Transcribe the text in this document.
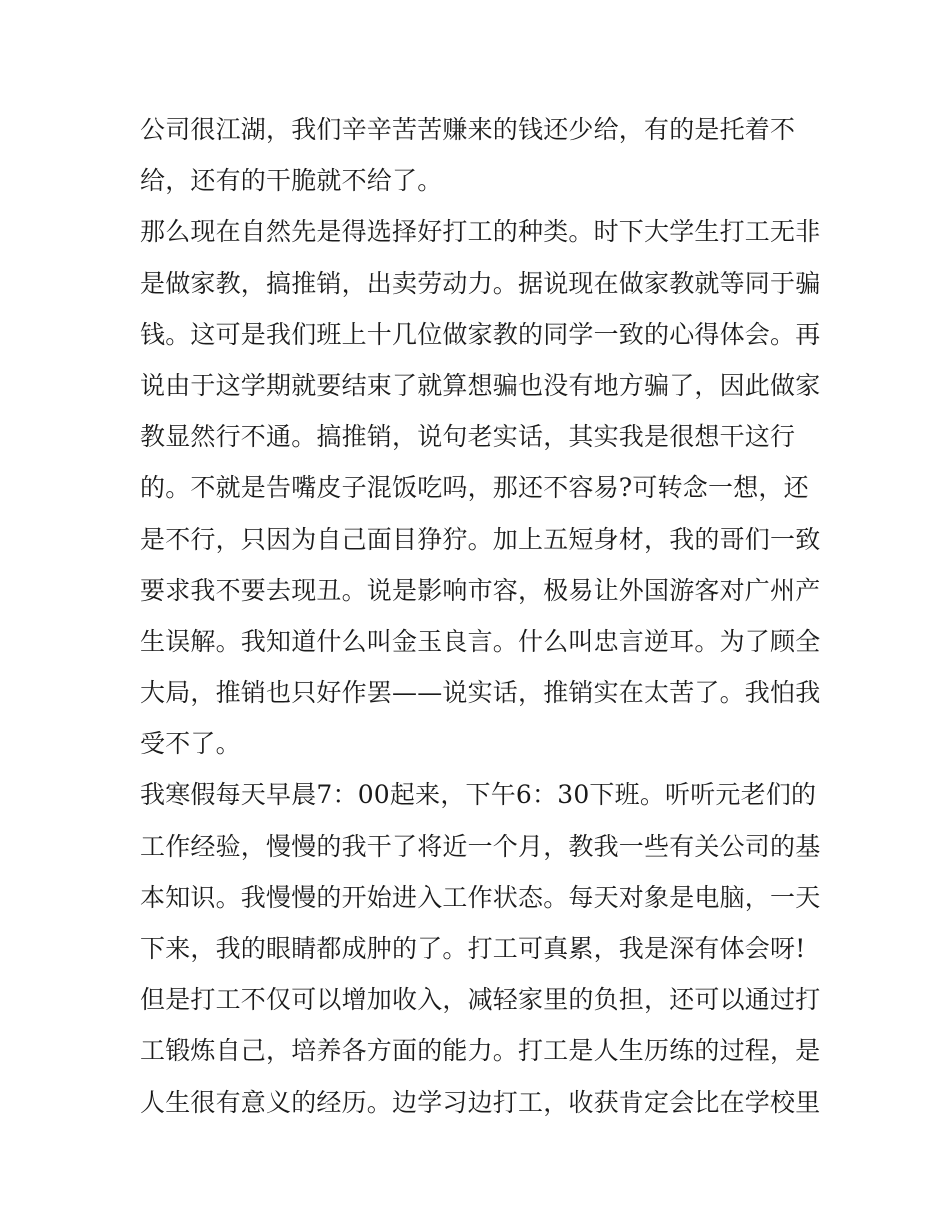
公司很江湖，我们辛辛苦苦赚来的钱还少给，有的是托着不
给，还有的干脆就不给了。
那么现在自然先是得选择好打工的种类。时下大学生打工无非
是做家教，搞推销，出卖劳动力。据说现在做家教就等同于骗
钱。这可是我们班上十几位做家教的同学一致的心得体会。再
说由于这学期就要结束了就算想骗也没有地方骗了，因此做家
教显然行不通。搞推销，说句老实话，其实我是很想干这行
的。不就是告嘴皮子混饭吃吗，那还不容易?可转念一想，还
是不行，只因为自己面目狰狞。加上五短身材，我的哥们一致
要求我不要去现丑。说是影响市容，极易让外国游客对广州产
生误解。我知道什么叫金玉良言。什么叫忠言逆耳。为了顾全
大局，推销也只好作罢——说实话，推销实在太苦了。我怕我
受不了。
我寒假每天早晨7：00起来，下午6：30下班。听听元老们的
工作经验，慢慢的我干了将近一个月，教我一些有关公司的基
本知识。我慢慢的开始进入工作状态。每天对象是电脑，一天
下来，我的眼睛都成肿的了。打工可真累，我是深有体会呀!
但是打工不仅可以增加收入，减轻家里的负担，还可以通过打
工锻炼自己，培养各方面的能力。打工是人生历练的过程，是
人生很有意义的经历。边学习边打工，收获肯定会比在学校里
